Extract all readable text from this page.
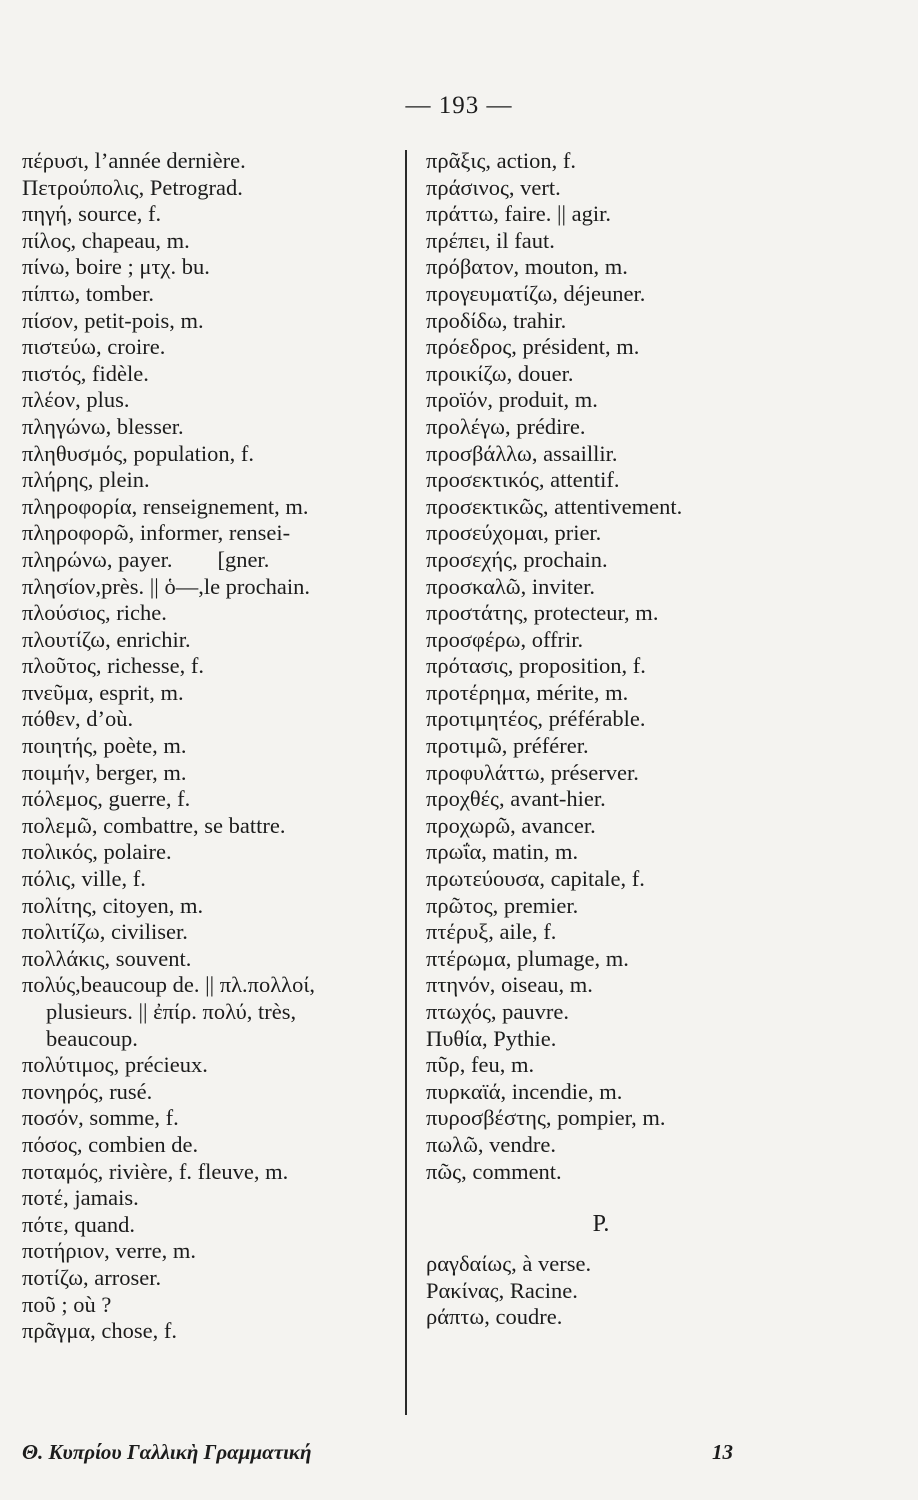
— 193 —
πέρυσι, l’année dernière.
Πετρούπολις, Petrograd.
πηγή, source, f.
πίλος, chapeau, m.
πίνω, boire ; μτχ. bu.
πίπτω, tomber.
πίσον, petit-pois, m.
πιστεύω, croire.
πιστός, fidèle.
πλέον, plus.
πληγώνω, blesser.
πληθυσμός, population, f.
πλήρης, plein.
πληροφορία, renseignement, m.
πληροφορῶ, informer, rensei-
πληρώνω, payer.        [gner.
πλησίον,près. || ὁ—,le prochain.
πλούσιος, riche.
πλουτίζω, enrichir.
πλοῦτος, richesse, f.
πνεῦμα, esprit, m.
πόθεν, d’où.
ποιητής, poète, m.
ποιμήν, berger, m.
πόλεμος, guerre, f.
πολεμῶ, combattre, se battre.
πολικός, polaire.
πόλις, ville, f.
πολίτης, citoyen, m.
πολιτίζω, civiliser.
πολλάκις, souvent.
πολύς,beaucoup de. || πλ.πολλοί,
plusieurs. || ἐπίρ. πολύ, très,
beaucoup.
πολύτιμος, précieux.
πονηρός, rusé.
ποσόν, somme, f.
πόσος, combien de.
ποταμός, rivière, f. fleuve, m.
ποτέ, jamais.
πότε, quand.
ποτήριον, verre, m.
ποτίζω, arroser.
ποῦ ; où ?
πρᾶγμα, chose, f.
πρᾶξις, action, f.
πράσινος, vert.
πράττω, faire. || agir.
πρέπει, il faut.
πρόβατον, mouton, m.
προγευματίζω, déjeuner.
προδίδω, trahir.
πρόεδρος, président, m.
προικίζω, douer.
προϊόν, produit, m.
προλέγω, prédire.
προσβάλλω, assaillir.
προσεκτικός, attentif.
προσεκτικῶς, attentivement.
προσεύχομαι, prier.
προσεχής, prochain.
προσκαλῶ, inviter.
προστάτης, protecteur, m.
προσφέρω, offrir.
πρότασις, proposition, f.
προτέρημα, mérite, m.
προτιμητέος, préférable.
προτιμῶ, préférer.
προφυλάττω, préserver.
προχθές, avant-hier.
προχωρῶ, avancer.
πρωΐα, matin, m.
πρωτεύουσα, capitale, f.
πρῶτος, premier.
πτέρυξ, aile, f.
πτέρωμα, plumage, m.
πτηνόν, oiseau, m.
πτωχός, pauvre.
Πυθία, Pythie.
πῦρ, feu, m.
πυρκαϊά, incendie, m.
πυροσβέστης, pompier, m.
πωλῶ, vendre.
πῶς, comment.
P.
ραγδαίως, à verse.
Ρακίνας, Racine.
ράπτω, coudre.
Θ. Κυπρίου Γαλλικὴ Γραμματική	13
